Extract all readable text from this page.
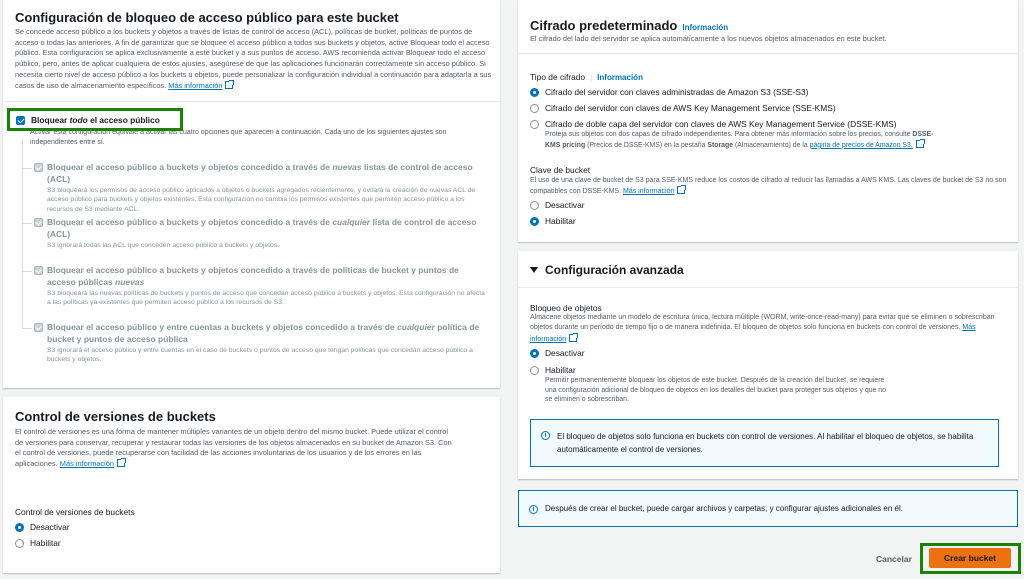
Configuración de bloqueo de acceso público para este bucket
Se concede acceso público a los buckets y objetos a través de listas de control de acceso (ACL), políticas de bucket, políticas de puntos de acceso o todas las anteriores. A fin de garantizar que se bloquee el acceso público a todos sus buckets y objetos, active Bloquear todo el acceso público. Esta configuración se aplica exclusivamente a este bucket y a sus puntos de acceso. AWS recomienda activar Bloquear todo el acceso público, pero, antes de aplicar cualquiera de estos ajustes, asegúrese de que las aplicaciones funcionarán correctamente sin acceso público. Si necesita cierto nivel de acceso público a los buckets u objetos, puede personalizar la configuración individual a continuación para adaptarla a sus casos de uso de almacenamiento específicos. Más información
Bloquear todo el acceso público
Activar esta configuración equivale a activar las cuatro opciones que aparecen a continuación. Cada uno de los siguientes ajustes son independientes entre sí.
Bloquear el acceso público a buckets y objetos concedido a través de nuevas listas de control de acceso (ACL)
S3 bloqueará los permisos de acceso público aplicados a objetos o buckets agregados recientemente, y evitará la creación de nuevas ACL de acceso público para buckets y objetos existentes. Esta configuración no cambia los permisos existentes que permiten acceso público a los recursos de S3 mediante ACL.
Bloquear el acceso público a buckets y objetos concedido a través de cualquier lista de control de acceso (ACL)
S3 ignorará todas las ACL que conceden acceso público a buckets y objetos.
Bloquear el acceso público a buckets y objetos concedido a través de políticas de bucket y puntos de acceso públicas nuevas
S3 bloqueará las nuevas políticas de buckets y puntos de acceso que concedan acceso público a buckets y objetos. Esta configuración no afecta a las políticas ya existentes que permiten acceso público a los recursos de S3.
Bloquear el acceso público y entre cuentas a buckets y objetos concedido a través de cualquier política de bucket y puntos de acceso pública
S3 ignorará el acceso público y entre cuentas en el caso de buckets o puntos de acceso que tengan políticas que concedan acceso público a buckets y objetos.
Control de versiones de buckets
El control de versiones es una forma de mantener múltiples variantes de un objeto dentro del mismo bucket. Puede utilizar el control de versiones para conservar, recuperar y restaurar todas las versiones de los objetos almacenados en su bucket de Amazon S3. Con el control de versiones, puede recuperarse con facilidad de las acciones involuntarias de los usuarios y de los errores en las aplicaciones. Más información
Control de versiones de buckets
Desactivar
Habilitar
Cifrado predeterminado Información
El cifrado del lado del servidor se aplica automáticamente a los nuevos objetos almacenados en este bucket.
Tipo de cifrado | Información
Cifrado del servidor con claves administradas de Amazon S3 (SSE-S3)
Cifrado del servidor con claves de AWS Key Management Service (SSE-KMS)
Cifrado de doble capa del servidor con claves de AWS Key Management Service (DSSE-KMS)
Proteja sus objetos con dos capas de cifrado independientes. Para obtener más información sobre los precios, consulte DSSE-KMS pricing (Precios de DSSE-KMS) en la pestaña Storage (Almacenamiento) de la página de precios de Amazon S3.
Clave de bucket
El uso de una clave de bucket de S3 para SSE-KMS reduce los costos de cifrado al reducir las llamadas a AWS KMS. Las claves de bucket de S3 no son compatibles con DSSE-KMS. Más información
Desactivar
Habilitar
Configuración avanzada
Bloqueo de objetos
Almacene objetos mediante un modelo de escritura única, lectura múltiple (WORM, write-once-read-many) para evitar que se eliminen o sobrescriban objetos durante un período de tiempo fijo o de manera indefinida. El bloqueo de objetos solo funciona en buckets con control de versiones. Más información
Desactivar
Habilitar
Permitir permanentemente bloquear los objetos de este bucket. Después de la creación del bucket, se requiere una configuración adicional de bloqueo de objetos en los detalles del bucket para proteger sus objetos y que no se eliminen o sobrescriban.
i	El bloqueo de objetos solo funciona en buckets con control de versiones. Al habilitar el bloqueo de objetos, se habilita automáticamente el control de versiones.
i	Después de crear el bucket, puede cargar archivos y carpetas, y configurar ajustes adicionales en él.
Cancelar	Crear bucket
